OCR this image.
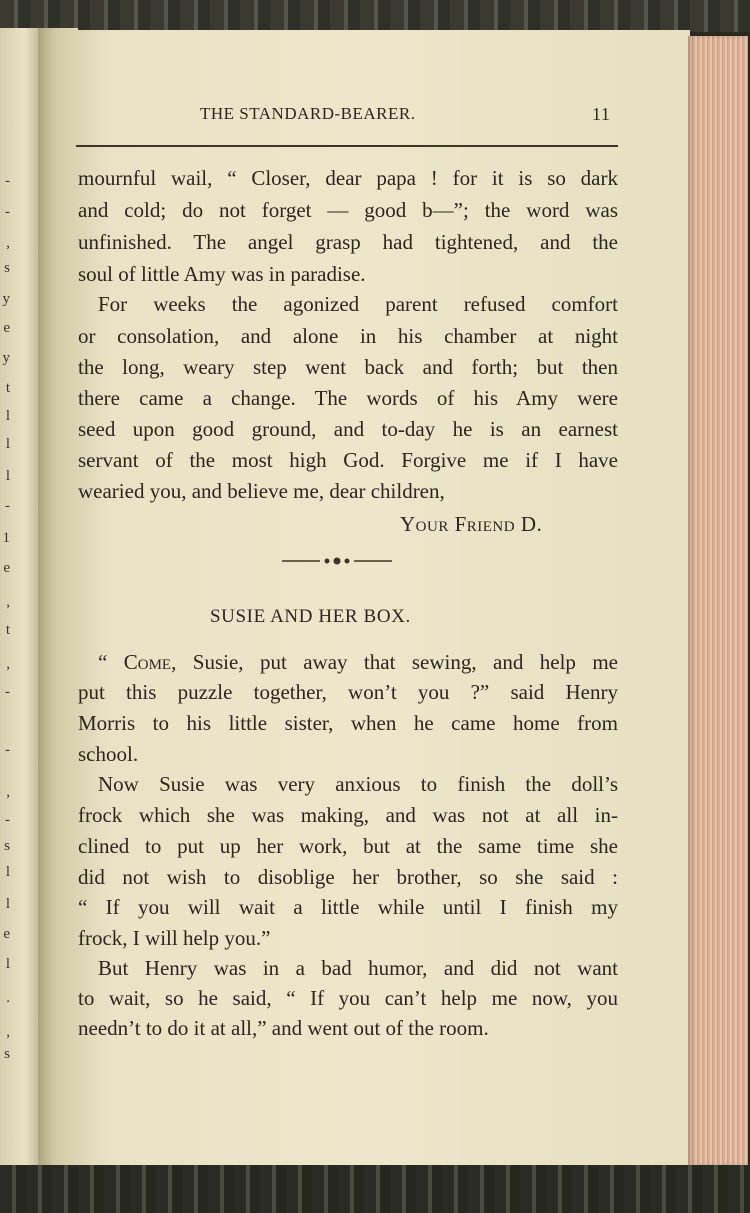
-
-
,
s
y
e
y
t
l
l
l
-
1
e
,
t
,
-
-
,
-
s
l
l
e
l
.
,
s
THE STANDARD-BEARER.	11
mournful wail, “ Closer, dear papa ! for it is so dark
and cold; do not forget — good b—”; the word was
unfinished. The angel grasp had tightened, and the
soul of little Amy was in paradise.
For weeks the agonized parent refused comfort
or consolation, and alone in his chamber at night
the long, weary step went back and forth; but then
there came a change. The words of his Amy were
seed upon good ground, and to-day he is an earnest
servant of the most high God. Forgive me if I have
wearied you, and believe me, dear children,
Your Friend D.
SUSIE AND HER BOX.
“ Come, Susie, put away that sewing, and help me
put this puzzle together, won’t you ?” said Henry
Morris to his little sister, when he came home from
school.
Now Susie was very anxious to finish the doll’s
frock which she was making, and was not at all in-
clined to put up her work, but at the same time she
did not wish to disoblige her brother, so she said :
“ If you will wait a little while until I finish my
frock, I will help you.”
But Henry was in a bad humor, and did not want
to wait, so he said, “ If you can’t help me now, you
needn’t to do it at all,” and went out of the room.
